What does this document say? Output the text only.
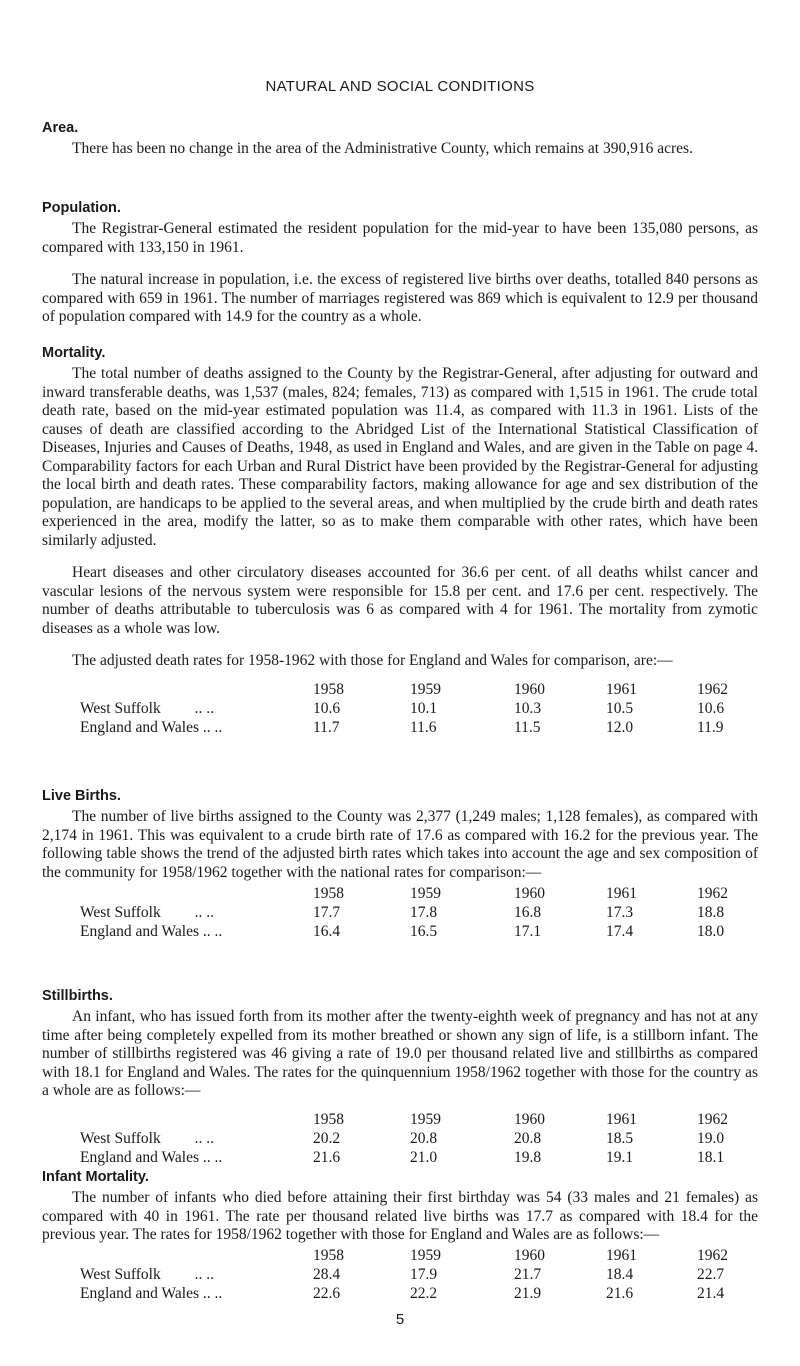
NATURAL AND SOCIAL CONDITIONS
Area.

There has been no change in the area of the Administrative County, which remains at 390,916 acres.

Population.

The Registrar-General estimated the resident population for the mid-year to have been 135,080 persons, as compared with 133,150 in 1961.

The natural increase in population, i.e. the excess of registered live births over deaths, totalled 840 persons as compared with 659 in 1961. The number of marriages registered was 869 which is equivalent to 12.9 per thousand of population compared with 14.9 for the country as a whole.

Mortality.

The total number of deaths assigned to the County by the Registrar-General, after adjusting for outward and inward transferable deaths, was 1,537 (males, 824; females, 713) as compared with 1,515 in 1961. The crude total death rate, based on the mid-year estimated population was 11.4, as compared with 11.3 in 1961. Lists of the causes of death are classified according to the Abridged List of the International Statistical Classification of Diseases, Injuries and Causes of Deaths, 1948, as used in England and Wales, and are given in the Table on page 4. Comparability factors for each Urban and Rural District have been provided by the Registrar-General for adjusting the local birth and death rates. These comparability factors, making allowance for age and sex distribution of the population, are handicaps to be applied to the several areas, and when multiplied by the crude birth and death rates experienced in the area, modify the latter, so as to make them comparable with other rates, which have been similarly adjusted.

Heart diseases and other circulatory diseases accounted for 36.6 per cent. of all deaths whilst cancer and vascular lesions of the nervous system were responsible for 15.8 per cent. and 17.6 per cent. respectively. The number of deaths attributable to tuberculosis was 6 as compared with 4 for 1961. The mortality from zymotic diseases as a whole was low.

The adjusted death rates for 1958-1962 with those for England and Wales for comparison, are:—

	1958	1959	1960	1961	1962
West Suffolk .. ..	10.6	10.1	10.3	10.5	10.6
England and Wales .. ..	11.7	11.6	11.5	12.0	11.9
Live Births.

The number of live births assigned to the County was 2,377 (1,249 males; 1,128 females), as compared with 2,174 in 1961. This was equivalent to a crude birth rate of 17.6 as compared with 16.2 for the previous year. The following table shows the trend of the adjusted birth rates which takes into account the age and sex composition of the community for 1958/1962 together with the national rates for comparison:—

	1958	1959	1960	1961	1962
West Suffolk .. ..	17.7	17.8	16.8	17.3	18.8
England and Wales .. ..	16.4	16.5	17.1	17.4	18.0
Stillbirths.

An infant, who has issued forth from its mother after the twenty-eighth week of pregnancy and has not at any time after being completely expelled from its mother breathed or shown any sign of life, is a stillborn infant. The number of stillbirths registered was 46 giving a rate of 19.0 per thousand related live and stillbirths as compared with 18.1 for England and Wales. The rates for the quinquennium 1958/1962 together with those for the country as a whole are as follows:—

	1958	1959	1960	1961	1962
West Suffolk .. ..	20.2	20.8	20.8	18.5	19.0
England and Wales .. ..	21.6	21.0	19.8	19.1	18.1
Infant Mortality.

The number of infants who died before attaining their first birthday was 54 (33 males and 21 females) as compared with 40 in 1961. The rate per thousand related live births was 17.7 as compared with 18.4 for the previous year. The rates for 1958/1962 together with those for England and Wales are as follows:—

	1958	1959	1960	1961	1962
West Suffolk .. ..	28.4	17.9	21.7	18.4	22.7
England and Wales .. ..	22.6	22.2	21.9	21.6	21.4
5
